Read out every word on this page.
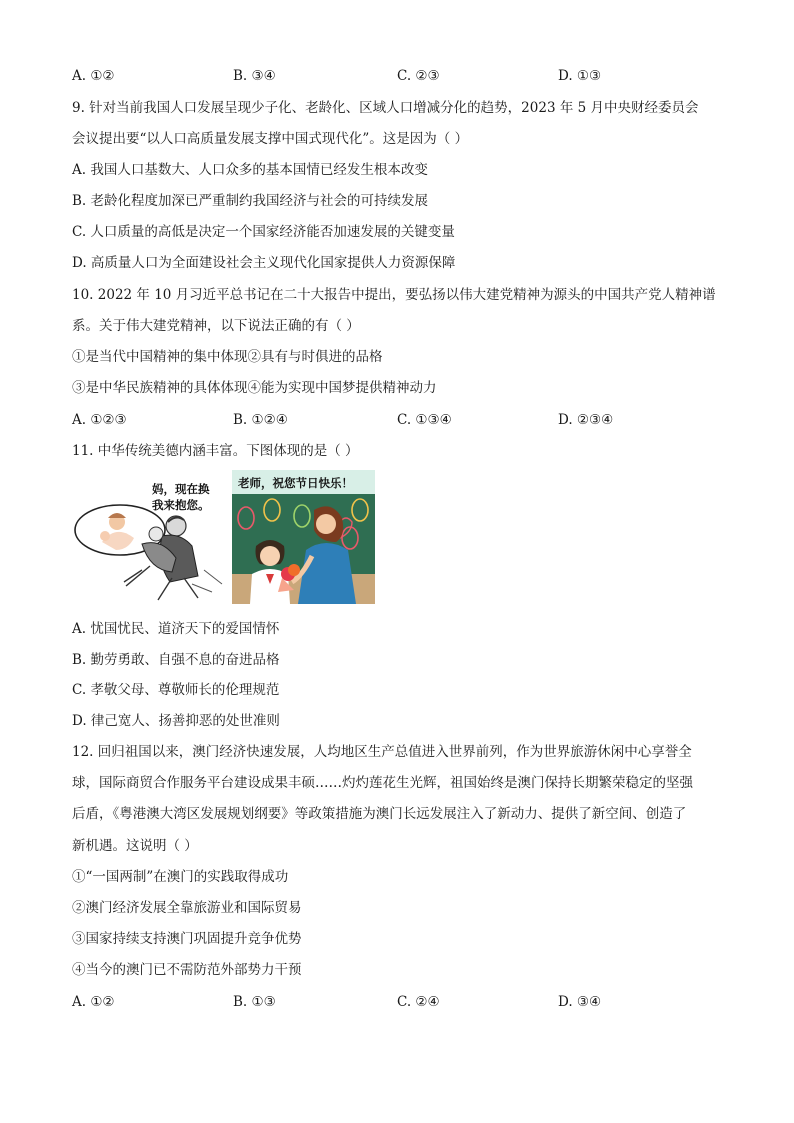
A. ①②	B. ③④	C. ②③	D. ①③
9. 针对当前我国人口发展呈现少子化、老龄化、区域人口增减分化的趋势，2023 年 5 月中央财经委员会
会议提出要“以人口高质量发展支撑中国式现代化”。这是因为（ ）
A. 我国人口基数大、人口众多的基本国情已经发生根本改变
B. 老龄化程度加深已严重制约我国经济与社会的可持续发展
C. 人口质量的高低是决定一个国家经济能否加速发展的关键变量
D. 高质量人口为全面建设社会主义现代化国家提供人力资源保障
10. 2022 年 10 月习近平总书记在二十大报告中提出，要弘扬以伟大建党精神为源头的中国共产党人精神谱
系。关于伟大建党精神，以下说法正确的有（ ）
①是当代中国精神的集中体现②具有与时俱进的品格
③是中华民族精神的具体体现④能为实现中国梦提供精神动力
A. ①②③	B. ①②④	C. ①③④	D. ②③④
11. 中华传统美德内涵丰富。下图体现的是（ ）
妈，现在换
我来抱您。
老师，祝您节日快乐！
A. 忧国忧民、道济天下的爱国情怀
B. 勤劳勇敢、自强不息的奋进品格
C. 孝敬父母、尊敬师长的伦理规范
D. 律己宽人、扬善抑恶的处世准则
12. 回归祖国以来，澳门经济快速发展，人均地区生产总值进入世界前列，作为世界旅游休闲中心享誉全
球，国际商贸合作服务平台建设成果丰硕……灼灼莲花生光辉，祖国始终是澳门保持长期繁荣稳定的坚强
后盾，《粤港澳大湾区发展规划纲要》等政策措施为澳门长远发展注入了新动力、提供了新空间、创造了
新机遇。这说明（ ）
①“一国两制”在澳门的实践取得成功
②澳门经济发展全靠旅游业和国际贸易
③国家持续支持澳门巩固提升竞争优势
④当今的澳门已不需防范外部势力干预
A. ①②	B. ①③	C. ②④	D. ③④
